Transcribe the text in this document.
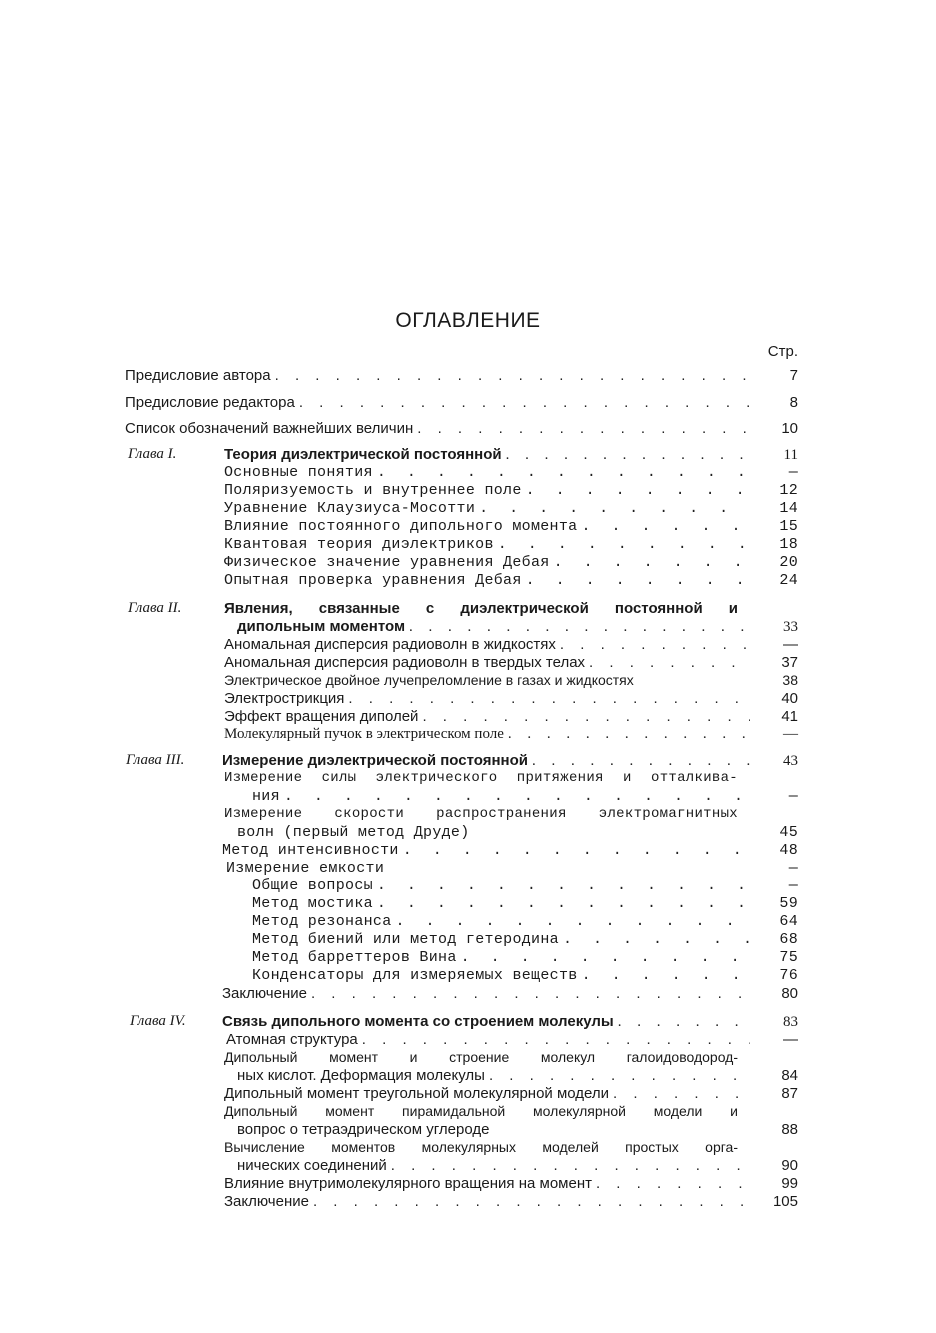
ОГЛАВЛЕНИЕ
Стр.
Предисловие автора . . .	7
Предисловие редактора . . .	8
Список обозначений важнейших величин . . .	10
Глава I.	Теория диэлектрической постоянной . . .	11
Основные понятия . . .	—
Поляризуемость и внутреннее поле . . .	12
Уравнение Клаузиуса-Мосотти . . .	14
Влияние постоянного дипольного момента . . .	15
Квантовая теория диэлектриков . . .	18
Физическое значение уравнения Дебая . . .	20
Опытная проверка уравнения Дебая . . .	24
Глава II.	Явления, связанные с диэлектрической постоянной и
дипольным моментом . . .	33
Аномальная дисперсия радиоволн в жидкостях . . .	—
Аномальная дисперсия радиоволн в твердых телах . . .	37
Электрическое двойное лучепреломление в газах и жидкостях	38
Электрострикция . . .	40
Эффект вращения диполей . . .	41
Молекулярный пучок в электрическом поле . . .	—
Глава III.	Измерение диэлектрической постоянной . . .	43
Измерение силы электрического притяжения и отталкива-
ния . . .	—
Измерение скорости распространения электромагнитных
волн (первый метод Друде)	45
Метод интенсивности . . .	48
Измерение емкости	—
Общие вопросы . . .	—
Метод мостика . . .	59
Метод резонанса . . .	64
Метод биений или метод гетеродина . . .	68
Метод барреттеров Вина . . .	75
Конденсаторы для измеряемых веществ . . .	76
Заключение . . .	80
Глава IV. Связь дипольного момента со строением молекулы . . .	83
Атомная структура . . .	—
Дипольный момент и строение молекул галоидоводород-
ных кислот. Деформация молекулы . . .	84
Дипольный момент треугольной молекулярной модели . . .	87
Дипольный момент пирамидальной молекулярной модели и
вопрос о тетраэдрическом углероде	88
Вычисление моментов молекулярных моделей простых орга-
нических соединений . . .	90
Влияние внутримолекулярного вращения на момент . . .	99
Заключение . . .	105
